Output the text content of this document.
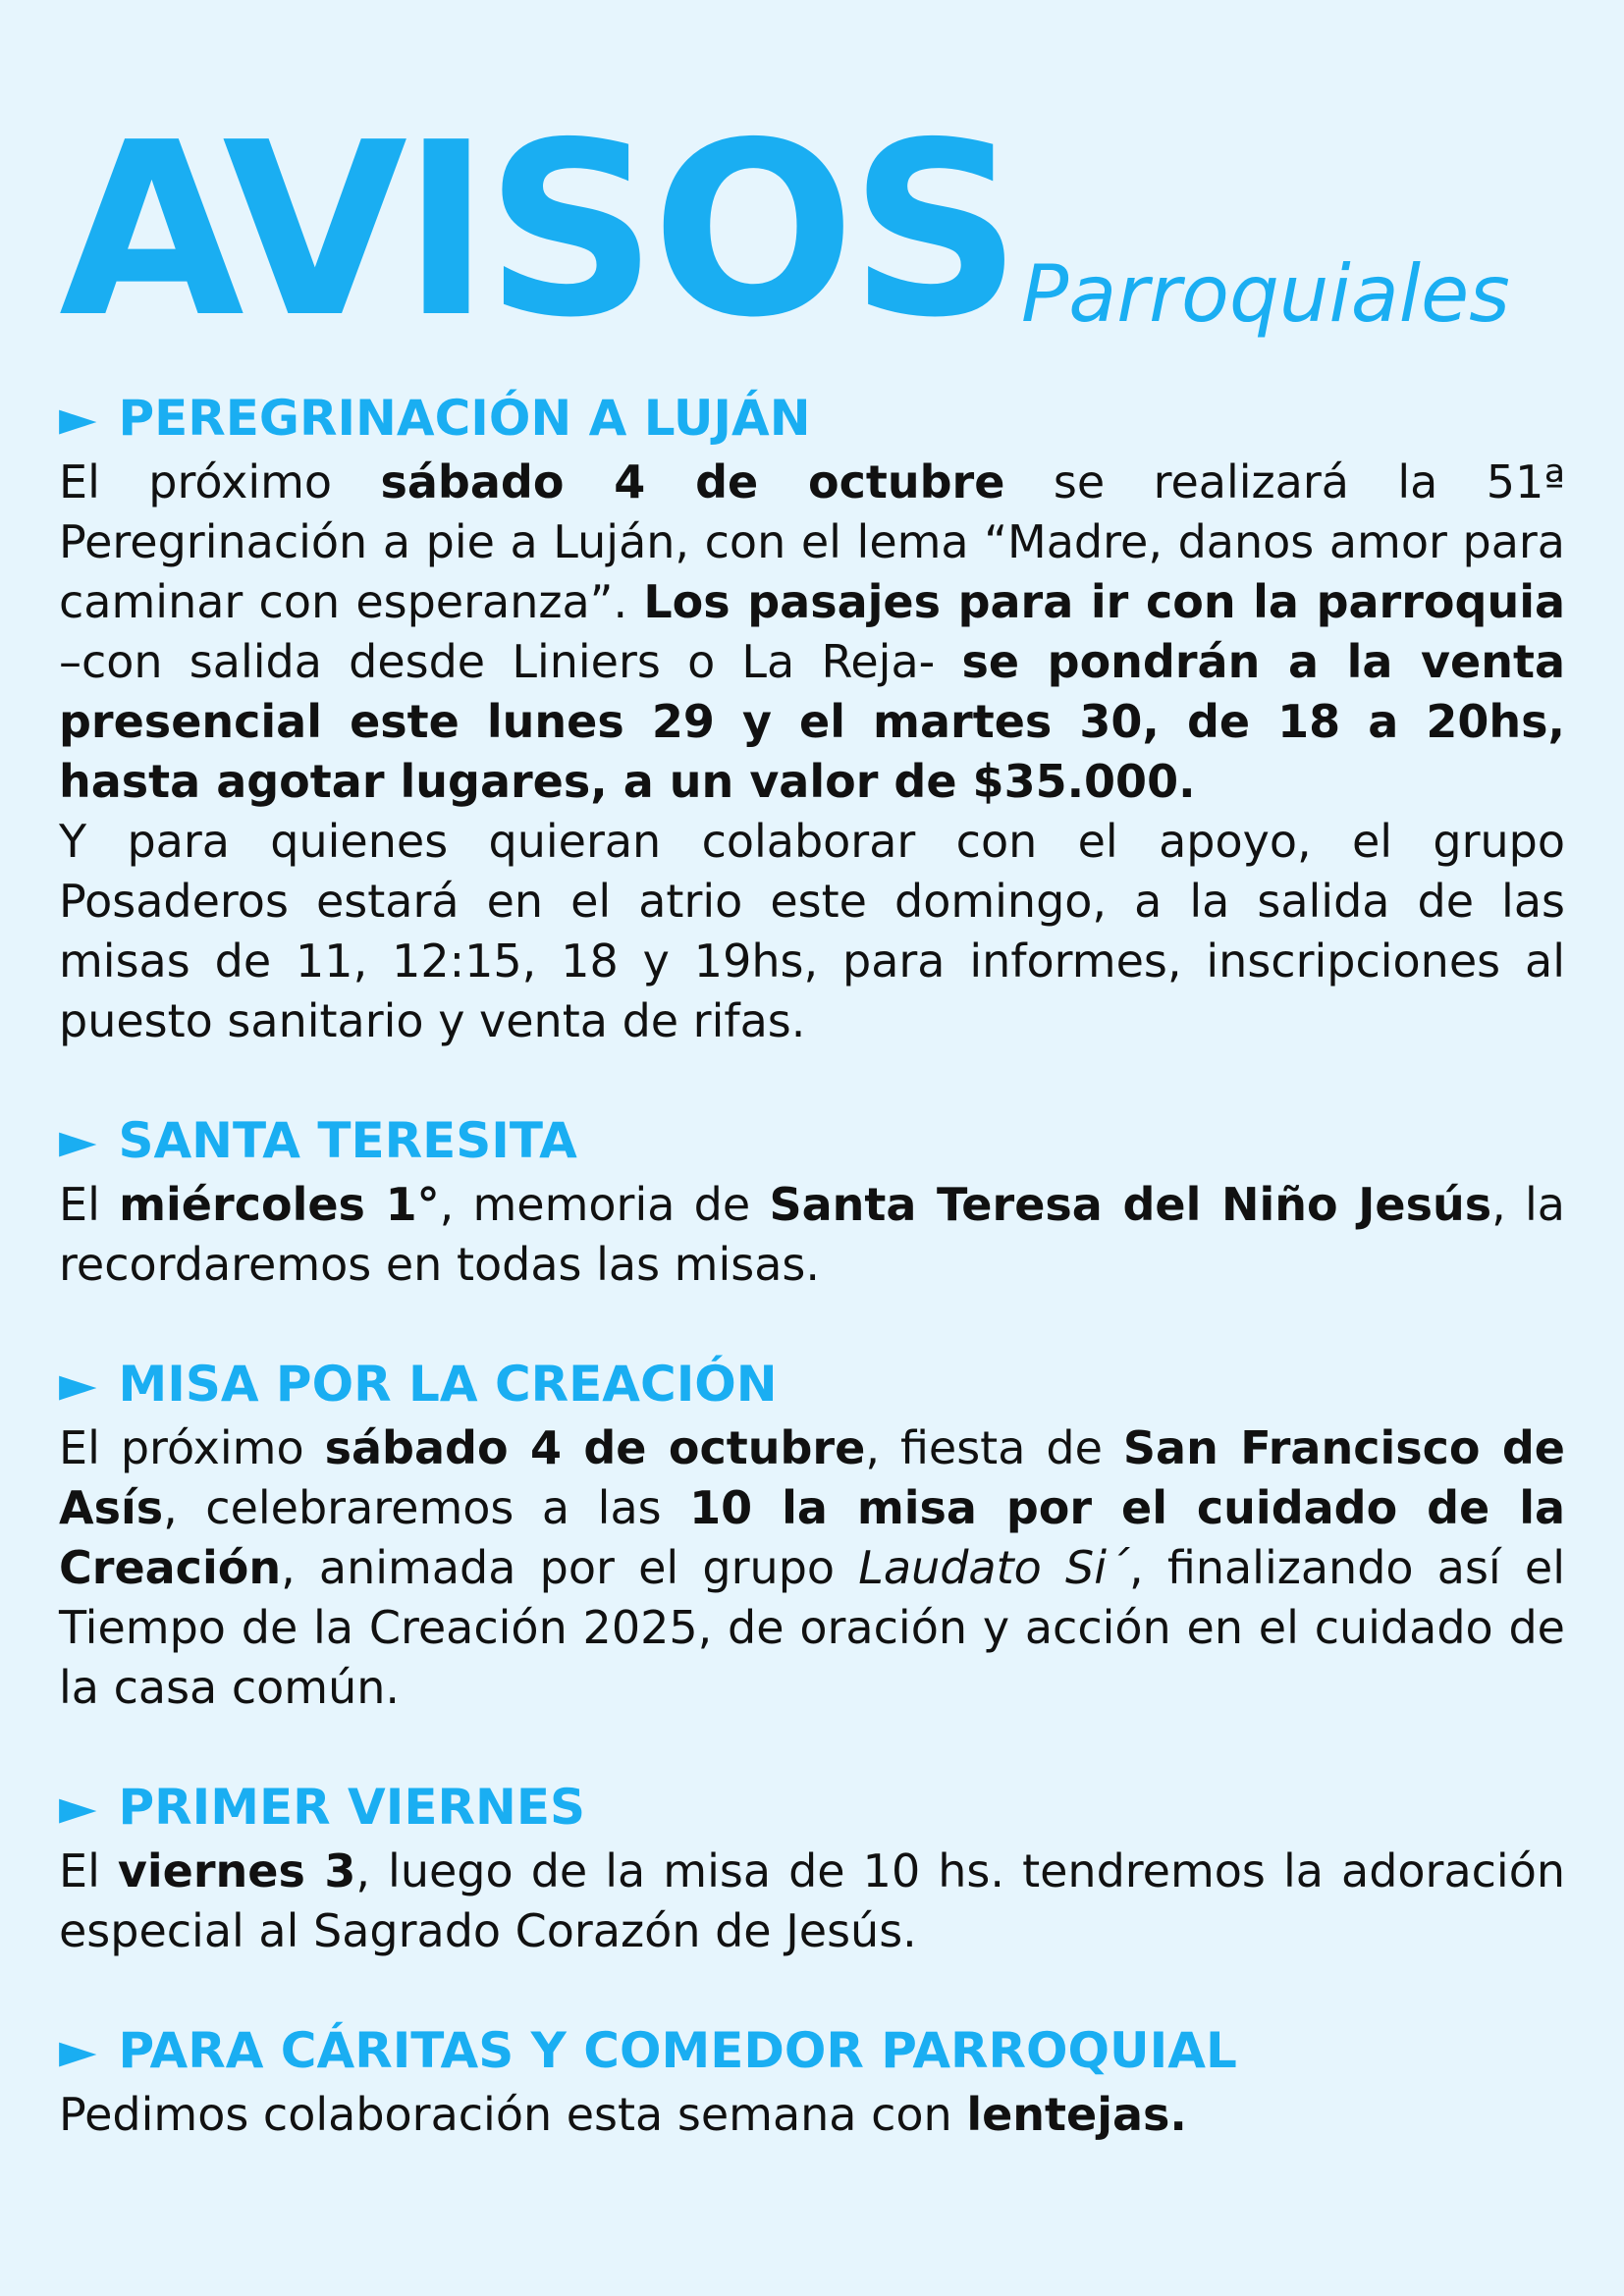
AVISOS Parroquiales
► PEREGRINACIÓN A LUJÁN

El próximo sábado 4 de octubre se realizará la 51ª Peregrinación a pie a Luján, con el lema “Madre, danos amor para caminar con esperanza”. Los pasajes para ir con la parroquia –con salida desde Liniers o La Reja- se pondrán a la venta presencial este lunes 29 y el martes 30, de 18 a 20hs, hasta agotar lugares, a un valor de $35.000.

Y para quienes quieran colaborar con el apoyo, el grupo Posaderos estará en el atrio este domingo, a la salida de las misas de 11, 12:15, 18 y 19hs, para informes, inscripciones al puesto sanitario y venta de rifas.

► SANTA TERESITA

El miércoles 1°, memoria de Santa Teresa del Niño Jesús, la recordaremos en todas las misas.

► MISA POR LA CREACIÓN

El próximo sábado 4 de octubre, fiesta de San Francisco de Asís, celebraremos a las 10 la misa por el cuidado de la Creación, animada por el grupo Laudato Si´, finalizando así el Tiempo de la Creación 2025, de oración y acción en el cuidado de la casa común.

► PRIMER VIERNES

El viernes 3, luego de la misa de 10 hs. tendremos la adoración especial al Sagrado Corazón de Jesús.

► PARA CÁRITAS Y COMEDOR PARROQUIAL

Pedimos colaboración esta semana con lentejas.
